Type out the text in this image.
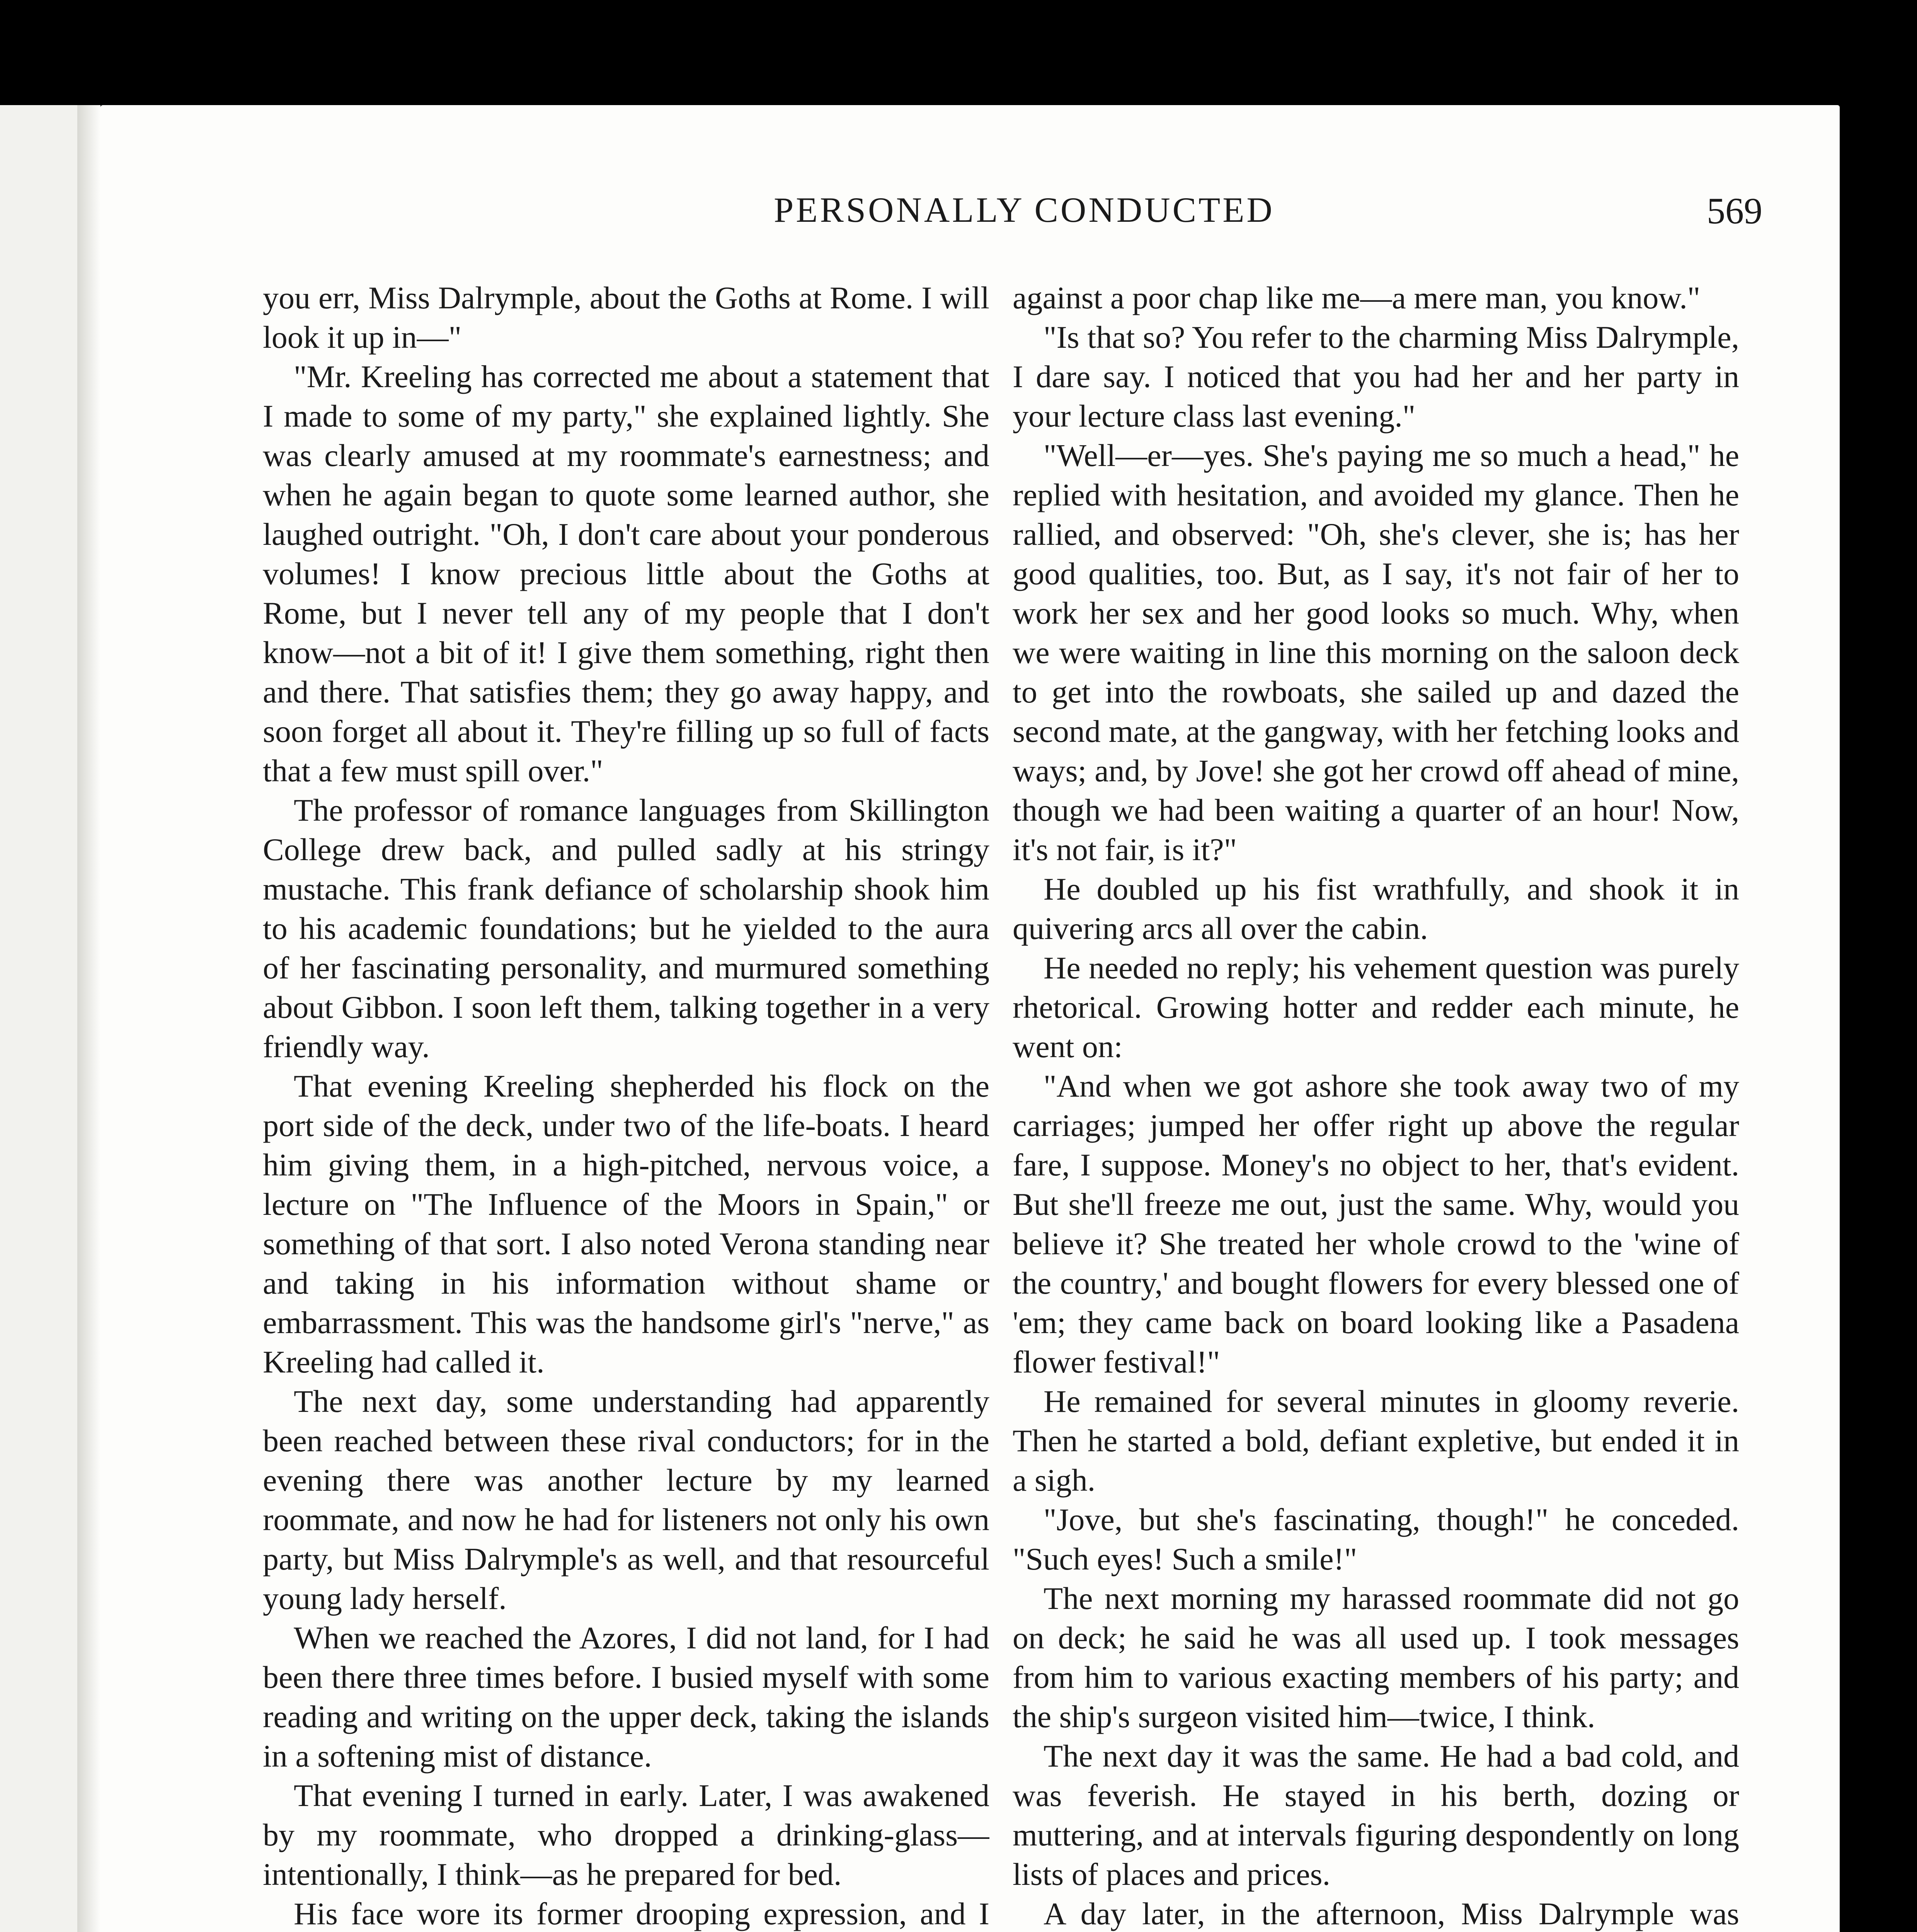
PERSONALLY CONDUCTED	569

you err, Miss Dalrymple, about the Goths at Rome. I will look it up in—"

"Mr. Kreeling has corrected me about a statement that I made to some of my party," she explained lightly. She was clearly amused at my roommate's earnestness; and when he again began to quote some learned author, she laughed outright. "Oh, I don't care about your ponderous volumes! I know precious little about the Goths at Rome, but I never tell any of my people that I don't know—not a bit of it! I give them something, right then and there. That satisfies them; they go away happy, and soon forget all about it. They're filling up so full of facts that a few must spill over."

The professor of romance languages from Skillington College drew back, and pulled sadly at his stringy mustache. This frank defiance of scholarship shook him to his academic foundations; but he yielded to the aura of her fascinating personality, and murmured something about Gibbon. I soon left them, talking together in a very friendly way.

That evening Kreeling shepherded his flock on the port side of the deck, under two of the life-boats. I heard him giving them, in a high-pitched, nervous voice, a lecture on "The Influence of the Moors in Spain," or something of that sort. I also noted Verona standing near and taking in his information without shame or embarrassment. This was the handsome girl's "nerve," as Kreeling had called it.

The next day, some understanding had apparently been reached between these rival conductors; for in the evening there was another lecture by my learned roommate, and now he had for listeners not only his own party, but Miss Dalrymple's as well, and that resourceful young lady herself.

When we reached the Azores, I did not land, for I had been there three times before. I busied myself with some reading and writing on the upper deck, taking the islands in a softening mist of distance.

That evening I turned in early. Later, I was awakened by my roommate, who dropped a drinking-glass—intentionally, I think—as he prepared for bed.

His face wore its former drooping expression, and I

against a poor chap like me—a mere man, you know."

"Is that so? You refer to the charming Miss Dalrymple, I dare say. I noticed that you had her and her party in your lecture class last evening."

"Well—er—yes. She's paying me so much a head," he replied with hesitation, and avoided my glance. Then he rallied, and observed: "Oh, she's clever, she is; has her good qualities, too. But, as I say, it's not fair of her to work her sex and her good looks so much. Why, when we were waiting in line this morning on the saloon deck to get into the rowboats, she sailed up and dazed the second mate, at the gangway, with her fetching looks and ways; and, by Jove! she got her crowd off ahead of mine, though we had been waiting a quarter of an hour! Now, it's not fair, is it?"

He doubled up his fist wrathfully, and shook it in quivering arcs all over the cabin.

He needed no reply; his vehement question was purely rhetorical. Growing hotter and redder each minute, he went on:

"And when we got ashore she took away two of my carriages; jumped her offer right up above the regular fare, I suppose. Money's no object to her, that's evident. But she'll freeze me out, just the same. Why, would you believe it? She treated her whole crowd to the 'wine of the country,' and bought flowers for every blessed one of 'em; they came back on board looking like a Pasadena flower festival!"

He remained for several minutes in gloomy reverie. Then he started a bold, defiant expletive, but ended it in a sigh.

"Jove, but she's fascinating, though!" he conceded. "Such eyes! Such a smile!"

The next morning my harassed roommate did not go on deck; he said he was all used up. I took messages from him to various exacting members of his party; and the ship's surgeon visited him—twice, I think.

The next day it was the same. He had a bad cold, and was feverish. He stayed in his berth, dozing or muttering, and at intervals figuring despondently on long lists of places and prices.

A day later, in the afternoon, Miss Dalrymple was
